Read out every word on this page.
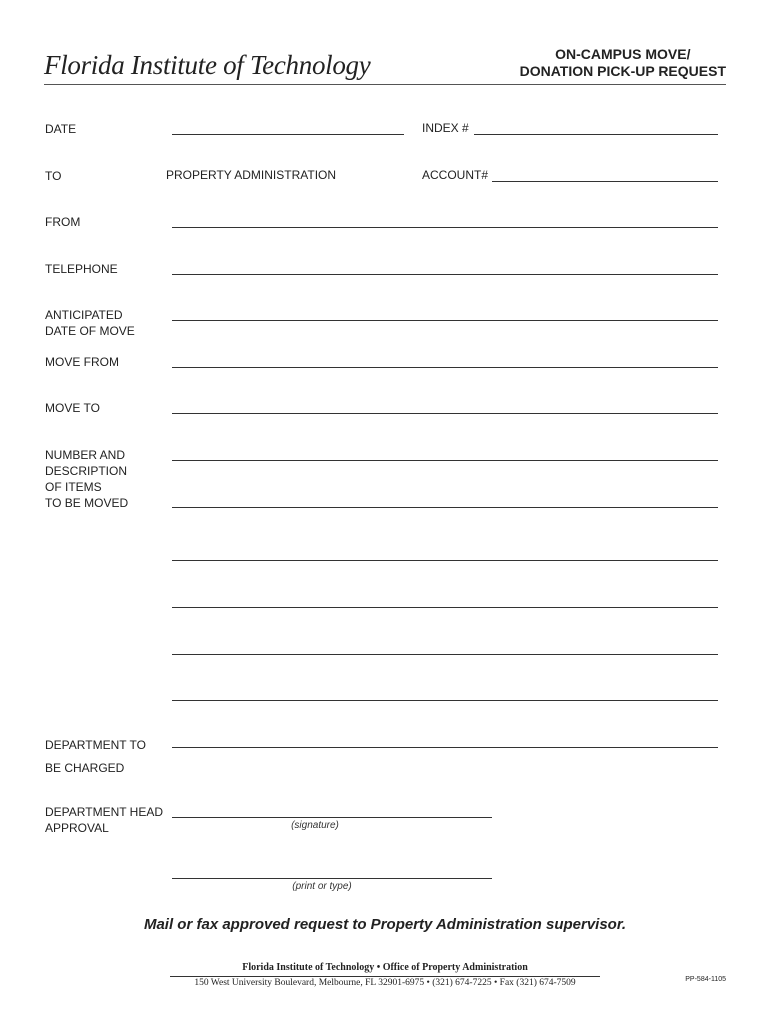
Florida Institute of Technology	ON-CAMPUS MOVE/
DONATION PICK-UP REQUEST
DATE	INDEX #
TO	PROPERTY ADMINISTRATION	ACCOUNT#
FROM
TELEPHONE
ANTICIPATED
DATE OF MOVE
MOVE FROM
MOVE TO
NUMBER AND
DESCRIPTION
OF ITEMS
TO BE MOVED
DEPARTMENT TO
BE CHARGED
DEPARTMENT HEAD
APPROVAL	(signature)
(print or type)
Mail or fax approved request to Property Administration supervisor.
Florida Institute of Technology • Office of Property Administration
150 West University Boulevard, Melbourne, FL 32901-6975 • (321) 674-7225 • Fax (321) 674-7509	PP-584-1105
